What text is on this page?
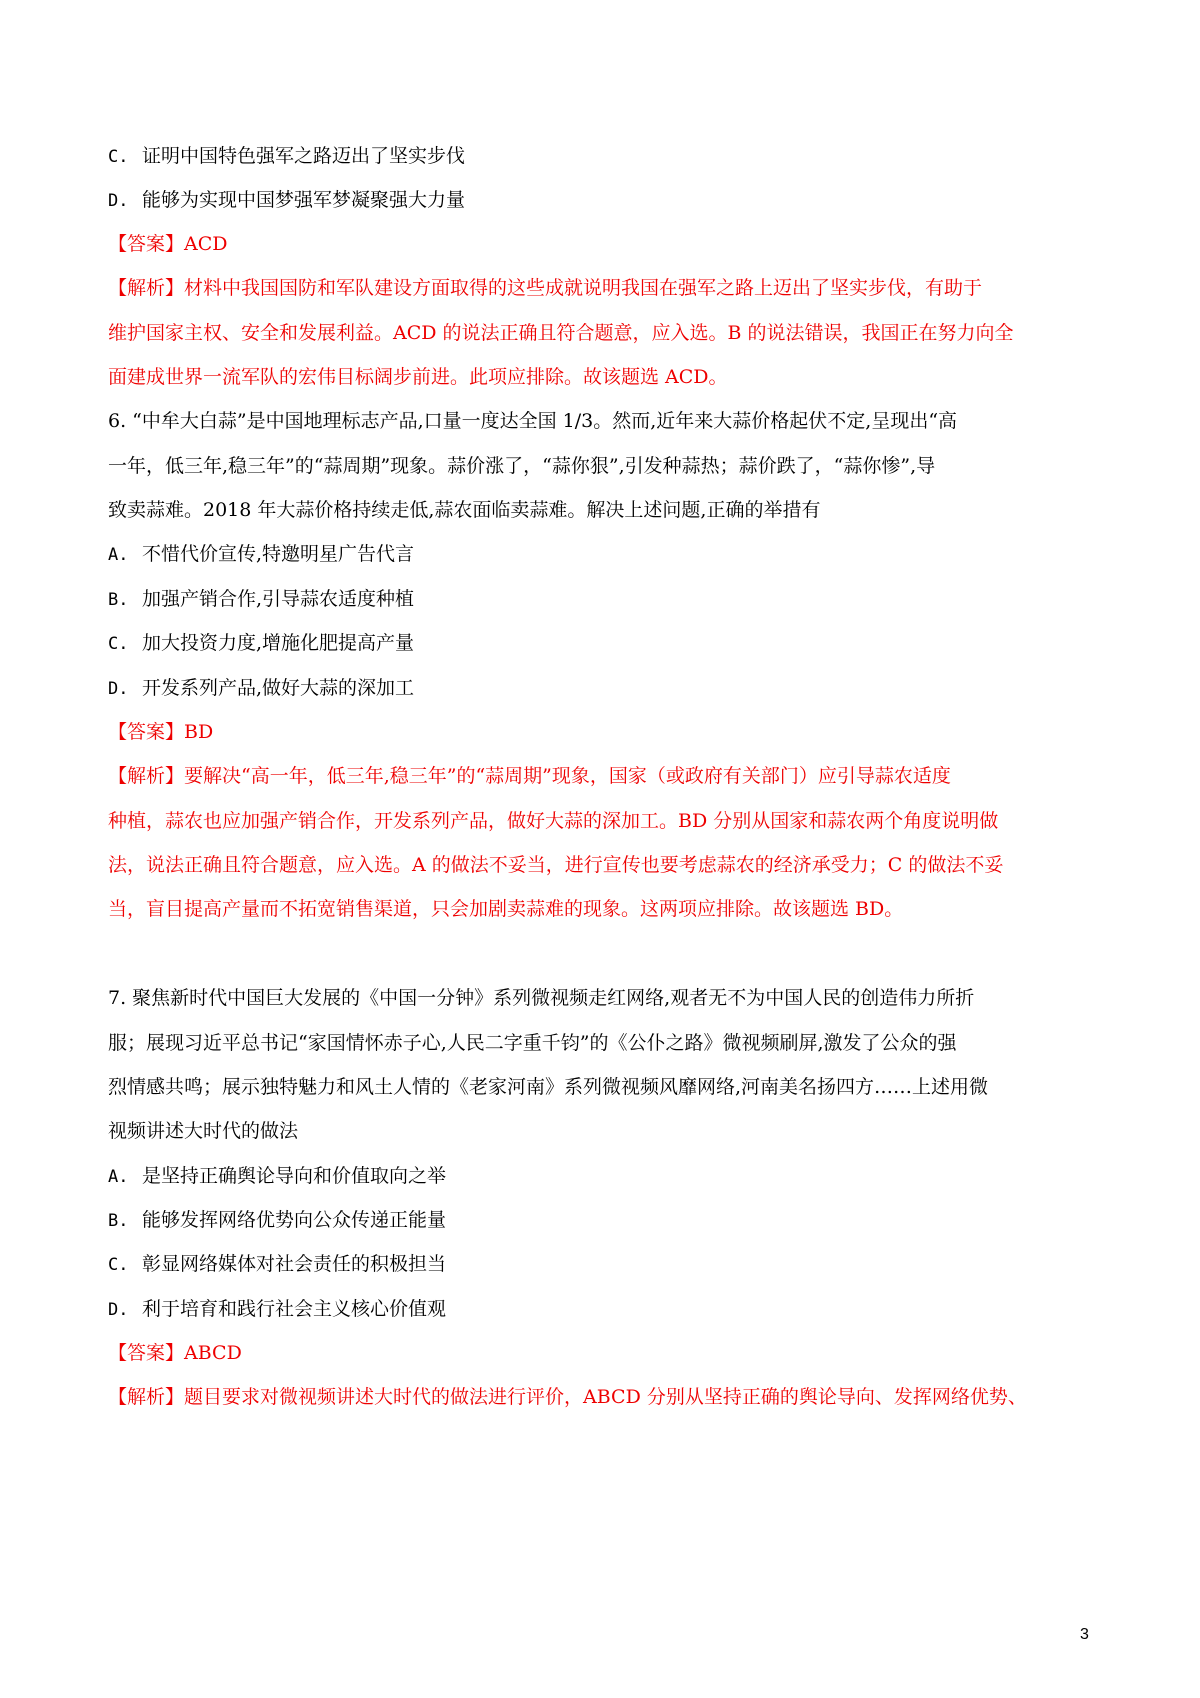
C. 证明中国特色强军之路迈出了坚实步伐
D. 能够为实现中国梦强军梦凝聚强大力量
【答案】ACD
【解析】材料中我国国防和军队建设方面取得的这些成就说明我国在强军之路上迈出了坚实步伐，有助于
维护国家主权、安全和发展利益。ACD 的说法正确且符合题意，应入选。B 的说法错误，我国正在努力向全
面建成世界一流军队的宏伟目标阔步前进。此项应排除。故该题选 ACD。
6. “中牟大白蒜”是中国地理标志产品,口量一度达全国 1/3。然而,近年来大蒜价格起伏不定,呈现出“高
一年，低三年,稳三年”的“蒜周期”现象。蒜价涨了，“蒜你狠”,引发种蒜热；蒜价跌了，“蒜你惨”,导
致卖蒜难。2018 年大蒜价格持续走低,蒜农面临卖蒜难。解决上述问题,正确的举措有
A. 不惜代价宣传,特邀明星广告代言
B. 加强产销合作,引导蒜农适度种植
C. 加大投资力度,增施化肥提高产量
D. 开发系列产品,做好大蒜的深加工
【答案】BD
【解析】要解决“高一年，低三年,稳三年”的“蒜周期”现象，国家（或政府有关部门）应引导蒜农适度
种植，蒜农也应加强产销合作，开发系列产品，做好大蒜的深加工。BD 分别从国家和蒜农两个角度说明做
法，说法正确且符合题意，应入选。A 的做法不妥当，进行宣传也要考虑蒜农的经济承受力；C 的做法不妥
当，盲目提高产量而不拓宽销售渠道，只会加剧卖蒜难的现象。这两项应排除。故该题选 BD。
7. 聚焦新时代中国巨大发展的《中国一分钟》系列微视频走红网络,观者无不为中国人民的创造伟力所折
服；展现习近平总书记“家国情怀赤子心,人民二字重千钧”的《公仆之路》微视频刷屏,激发了公众的强
烈情感共鸣；展示独特魅力和风土人情的《老家河南》系列微视频风靡网络,河南美名扬四方……上述用微
视频讲述大时代的做法
A. 是坚持正确舆论导向和价值取向之举
B. 能够发挥网络优势向公众传递正能量
C. 彰显网络媒体对社会责任的积极担当
D. 利于培育和践行社会主义核心价值观
【答案】ABCD
【解析】题目要求对微视频讲述大时代的做法进行评价，ABCD 分别从坚持正确的舆论导向、发挥网络优势、
3
